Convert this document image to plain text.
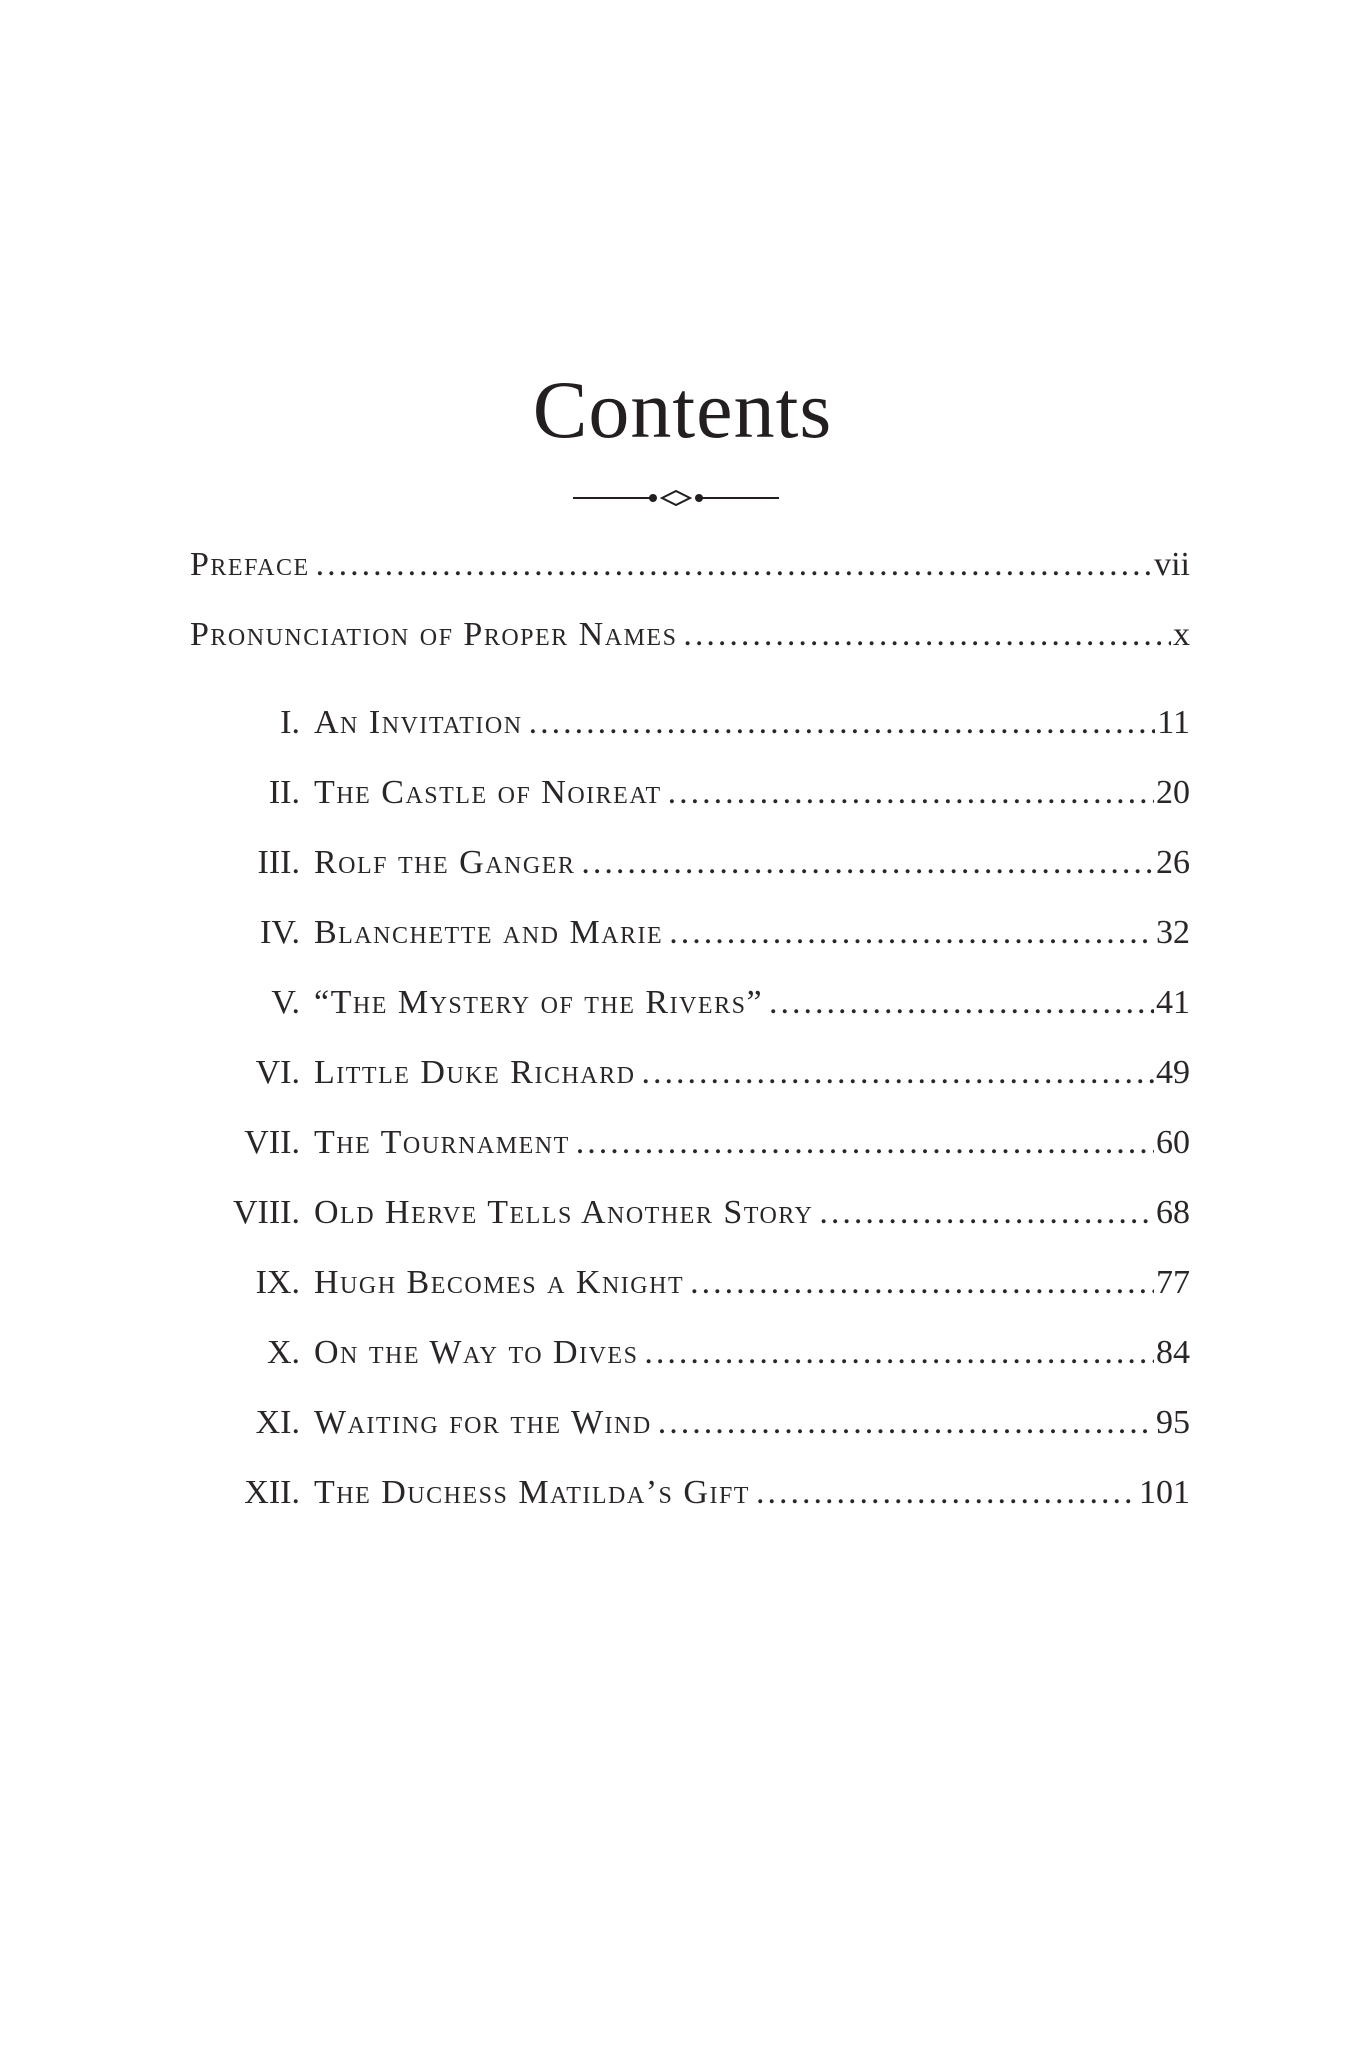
Contents
Preface .....	vii
Pronunciation of Proper Names .....	x
I. An Invitation .....	11
II. The Castle of Noireat .....	20
III. Rolf the Ganger .....	26
IV. Blanchette and Marie .....	32
V. “The Mystery of the Rivers” .....	41
VI. Little Duke Richard .....	49
VII. The Tournament .....	60
VIII. Old Herve Tells Another Story .....	68
IX. Hugh Becomes a Knight .....	77
X. On the Way to Dives .....	84
XI. Waiting for the Wind .....	95
XII. The Duchess Matilda’s Gift .....	101
